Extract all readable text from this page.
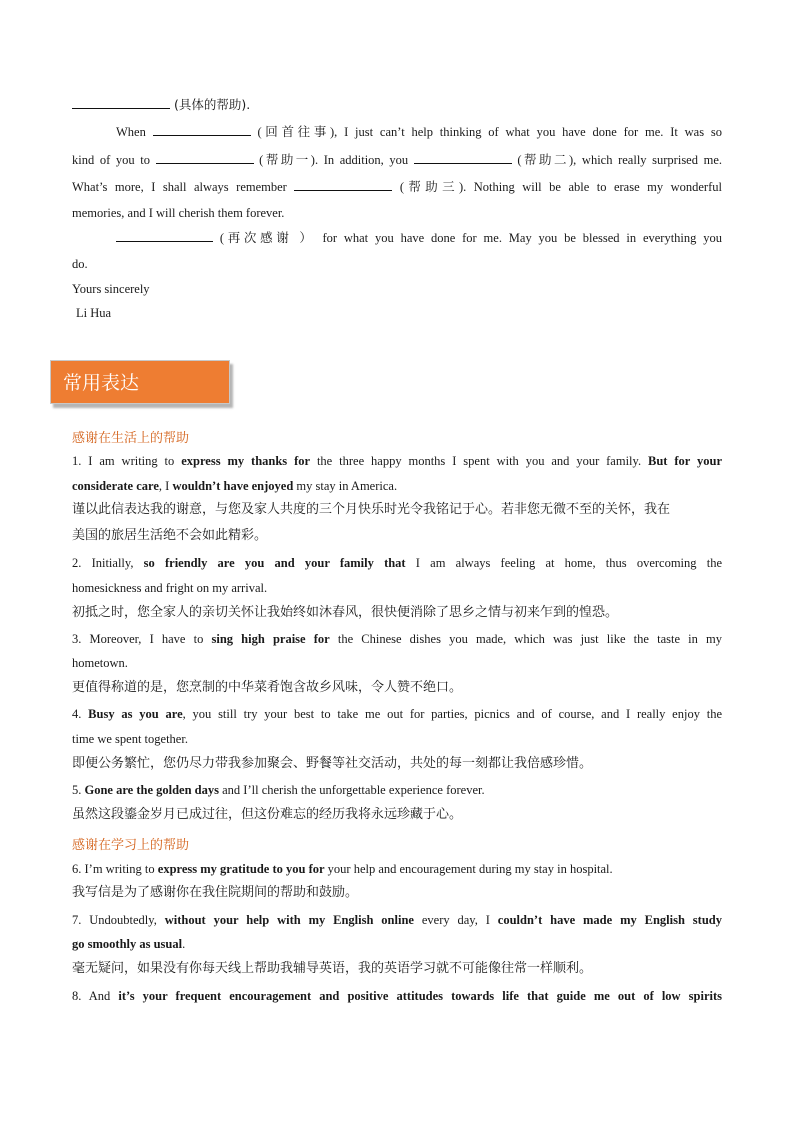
(具体的帮助).
When	(回首往事), I just can’t help thinking of what you have done for me. It was so
kind of you to	(帮助一). In addition, you	(帮助二), which really surprised me.
What’s more, I shall always remember	(帮助三). Nothing will be able to erase my wonderful
memories, and I will cherish them forever.
(再次感谢 ） for what you have done for me. May you be blessed in everything you
do.
Yours sincerely
Li Hua
常用表达
感谢在生活上的帮助
1. I am writing to express my thanks for the three happy months I spent with you and your family. But for your
considerate care, I wouldn’t have enjoyed my stay in America.
谨以此信表达我的谢意，与您及家人共度的三个月快乐时光令我铭记于心。若非您无微不至的关怀，我在
美国的旅居生活绝不会如此精彩。
2. Initially, so friendly are you and your family that I am always feeling at home, thus overcoming the
homesickness and fright on my arrival.
初抵之时，您全家人的亲切关怀让我始终如沐春风，很快便消除了思乡之情与初来乍到的惶恐。
3. Moreover, I have to sing high praise for the Chinese dishes you made, which was just like the taste in my
hometown.
更值得称道的是，您烹制的中华菜肴饱含故乡风味，令人赞不绝口。
4. Busy as you are, you still try your best to take me out for parties, picnics and of course, and I really enjoy the
time we spent together.
即便公务繁忙，您仍尽力带我参加聚会、野餐等社交活动，共处的每一刻都让我倍感珍惜。
5. Gone are the golden days and I’ll cherish the unforgettable experience forever.
虽然这段鎏金岁月已成过往，但这份难忘的经历我将永远珍藏于心。
感谢在学习上的帮助
6. I’m writing to express my gratitude to you for your help and encouragement during my stay in hospital.
我写信是为了感谢你在我住院期间的帮助和鼓励。
7. Undoubtedly, without your help with my English online every day, I couldn’t have made my English study
go smoothly as usual.
毫无疑问，如果没有你每天线上帮助我辅导英语，我的英语学习就不可能像往常一样顺利。
8. And it’s your frequent encouragement and positive attitudes towards life that guide me out of low spirits
